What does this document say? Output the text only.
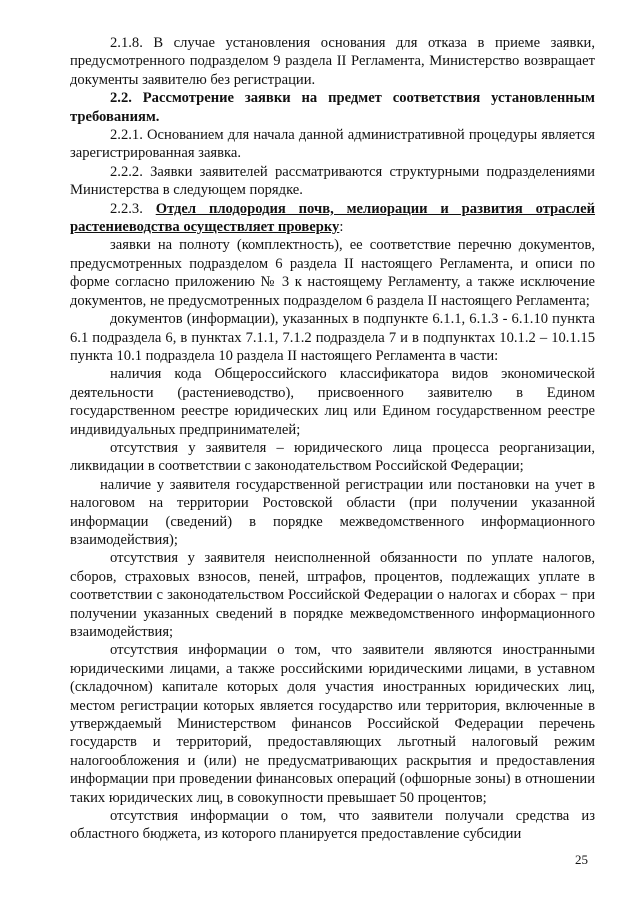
2.1.8. В случае установления основания для отказа в приеме заявки, предусмотренного подразделом 9 раздела II Регламента, Министерство возвращает документы заявителю без регистрации.

2.2. Рассмотрение заявки на предмет соответствия установленным требованиям.

2.2.1. Основанием для начала данной административной процедуры является зарегистрированная заявка.

2.2.2. Заявки заявителей рассматриваются структурными подразделениями Министерства в следующем порядке.

2.2.3. Отдел плодородия почв, мелиорации и развития отраслей растениеводства осуществляет проверку:

заявки на полноту (комплектность), ее соответствие перечню документов, предусмотренных подразделом 6 раздела II настоящего Регламента, и описи по форме согласно приложению № 3 к настоящему Регламенту, а также исключение документов, не предусмотренных подразделом 6 раздела II настоящего Регламента;

документов (информации), указанных в подпункте 6.1.1, 6.1.3 - 6.1.10 пункта 6.1 подраздела 6, в пунктах 7.1.1, 7.1.2 подраздела 7 и в подпунктах 10.1.2 – 10.1.15 пункта 10.1 подраздела 10 раздела II настоящего Регламента в части:

наличия кода Общероссийского классификатора видов экономической деятельности (растениеводство), присвоенного заявителю в Едином государственном реестре юридических лиц или Едином государственном реестре индивидуальных предпринимателей;

отсутствия у заявителя – юридического лица процесса реорганизации, ликвидации в соответствии с законодательством Российской Федерации;

наличие у заявителя государственной регистрации или постановки на учет в налоговом на территории Ростовской области (при получении указанной информации (сведений) в порядке межведомственного информационного взаимодействия);

отсутствия у заявителя неисполненной обязанности по уплате налогов, сборов, страховых взносов, пеней, штрафов, процентов, подлежащих уплате в соответствии с законодательством Российской Федерации о налогах и сборах − при получении указанных сведений в порядке межведомственного информационного взаимодействия;

отсутствия информации о том, что заявители являются иностранными юридическими лицами, а также российскими юридическими лицами, в уставном (складочном) капитале которых доля участия иностранных юридических лиц, местом регистрации которых является государство или территория, включенные в утверждаемый Министерством финансов Российской Федерации перечень государств и территорий, предоставляющих льготный налоговый режим налогообложения и (или) не предусматривающих раскрытия и предоставления информации при проведении финансовых операций (офшорные зоны) в отношении таких юридических лиц, в совокупности превышает 50 процентов;

отсутствия информации о том, что заявители получали средства из областного бюджета, из которого планируется предоставление субсидии

25
